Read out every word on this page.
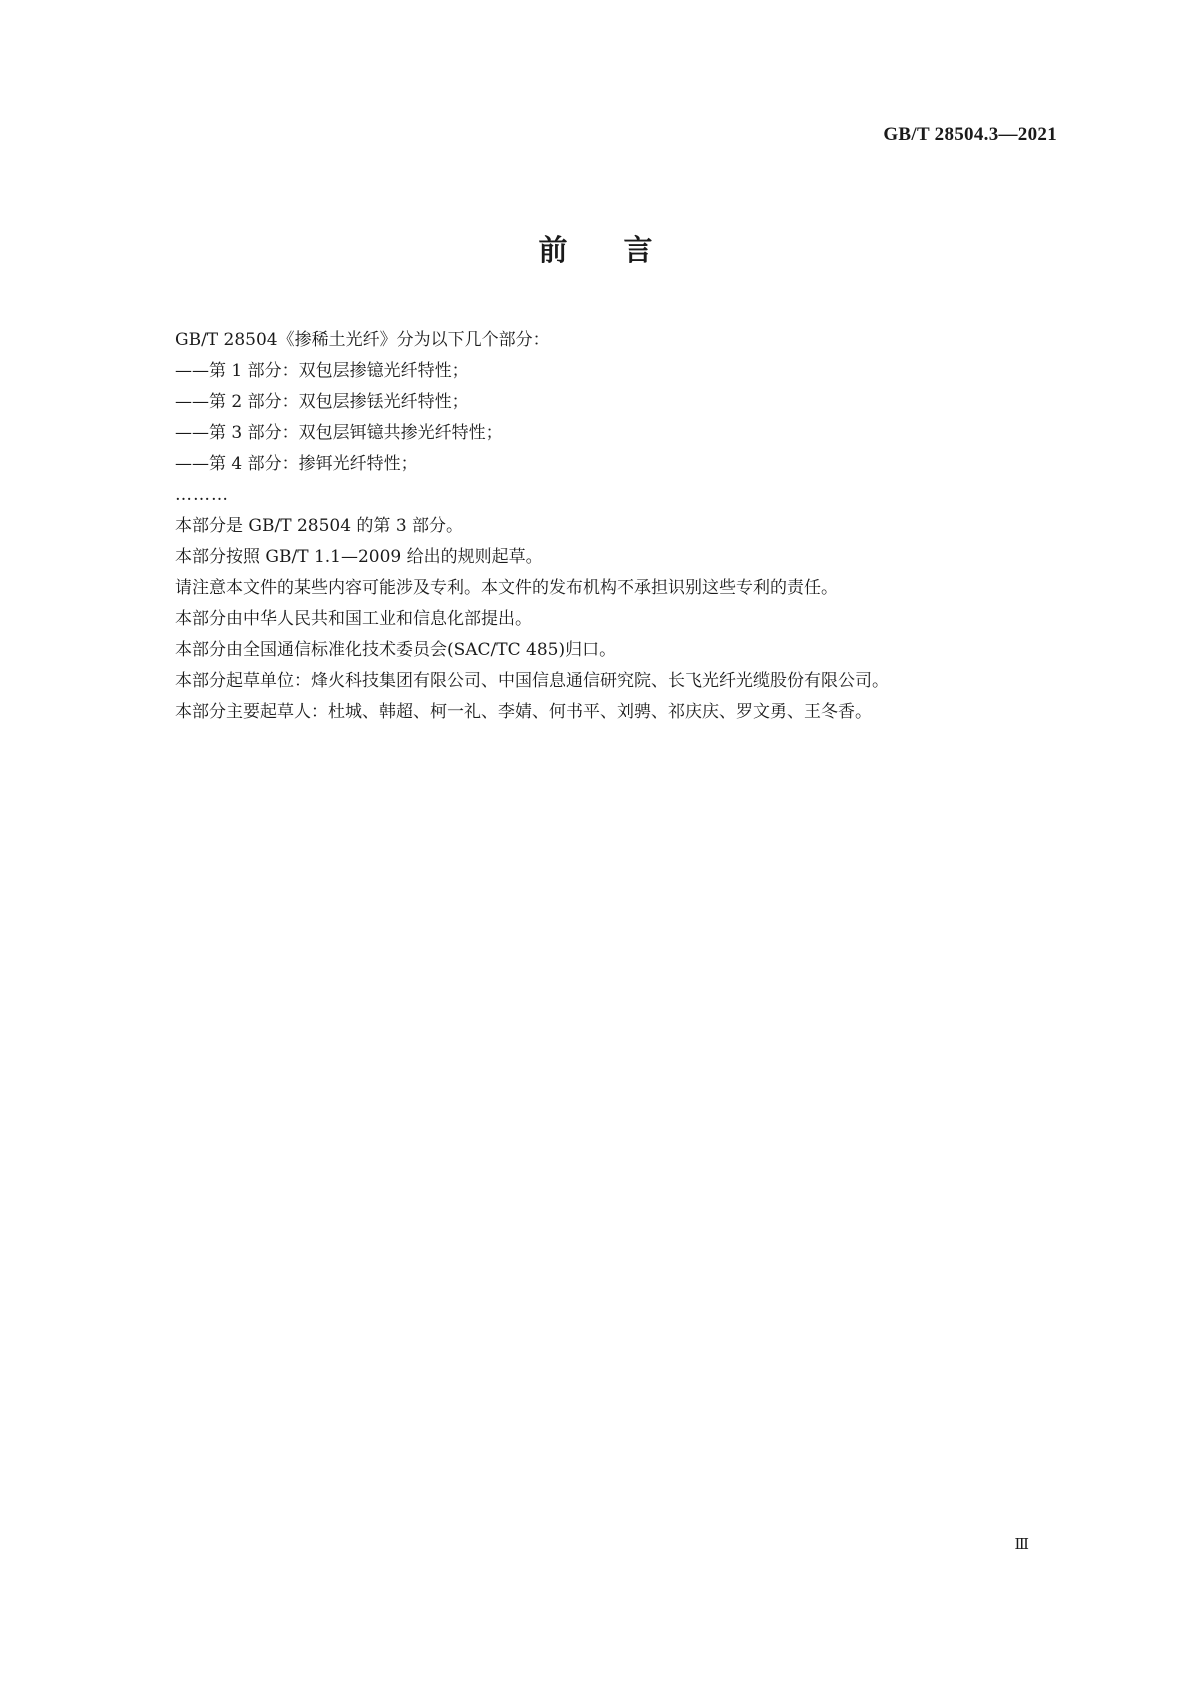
GB/T 28504.3—2021
前言
GB/T 28504《掺稀土光纤》分为以下几个部分：
——第 1 部分：双包层掺镱光纤特性；
——第 2 部分：双包层掺铥光纤特性；
——第 3 部分：双包层铒镱共掺光纤特性；
——第 4 部分：掺铒光纤特性；
………
本部分是 GB/T 28504 的第 3 部分。
本部分按照 GB/T 1.1—2009 给出的规则起草。
请注意本文件的某些内容可能涉及专利。本文件的发布机构不承担识别这些专利的责任。
本部分由中华人民共和国工业和信息化部提出。
本部分由全国通信标准化技术委员会(SAC/TC 485)归口。
本部分起草单位：烽火科技集团有限公司、中国信息通信研究院、长飞光纤光缆股份有限公司。
本部分主要起草人：杜城、韩超、柯一礼、李婧、何书平、刘骋、祁庆庆、罗文勇、王冬香。
Ⅲ
